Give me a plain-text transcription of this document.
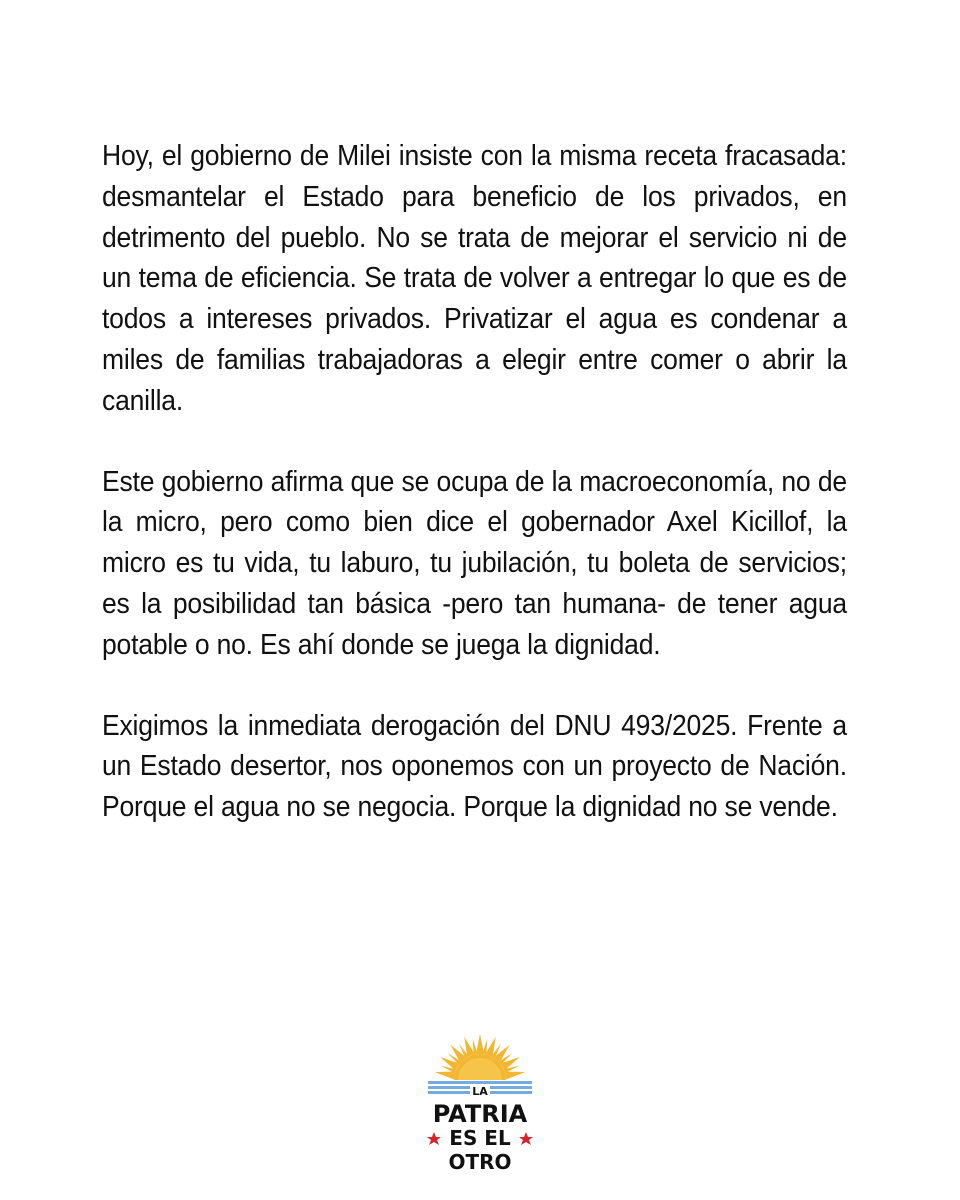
Hoy, el gobierno de Milei insiste con la misma receta fracasada: desmantelar el Estado para beneficio de los privados, en detrimento del pueblo. No se trata de mejorar el servicio ni de un tema de eficiencia. Se trata de volver a entregar lo que es de todos a intereses privados. Privatizar el agua es condenar a miles de familias trabajadoras a elegir entre comer o abrir la canilla.

Este gobierno afirma que se ocupa de la macroeconomía, no de la micro, pero como bien dice el gobernador Axel Kicillof, la micro es tu vida, tu laburo, tu jubilación, tu boleta de servicios; es la posibilidad tan básica -pero tan humana- de tener agua potable o no. Es ahí donde se juega la dignidad.

Exigimos la inmediata derogación del DNU 493/2025. Frente a un Estado desertor, nos oponemos con un proyecto de Nación. Porque el agua no se negocia. Porque la dignidad no se vende.

LA
PATRIA
ES EL
OTRO
